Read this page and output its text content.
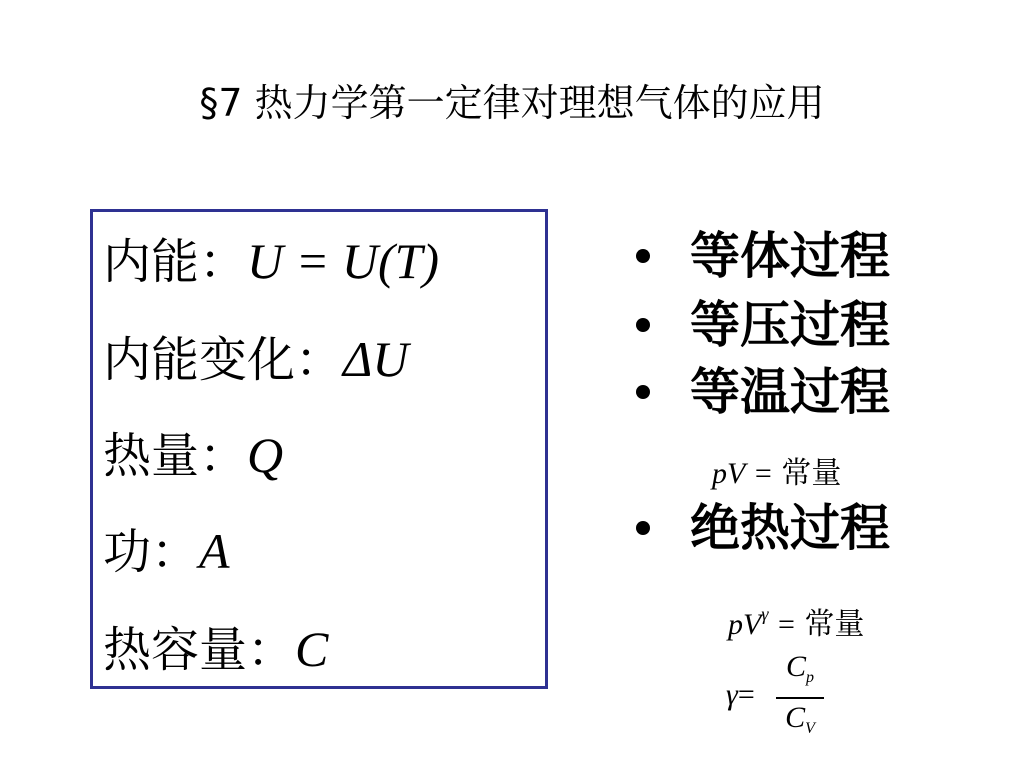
§7 热力学第一定律对理想气体的应用
内能：U = U(T)
内能变化：ΔU
热量：Q
功：A
热容量：C
等体过程
等压过程
等温过程
pV = 常量
绝热过程
$pV^\gamma$ = 常量
γ=
$C_p$
$C_V$
